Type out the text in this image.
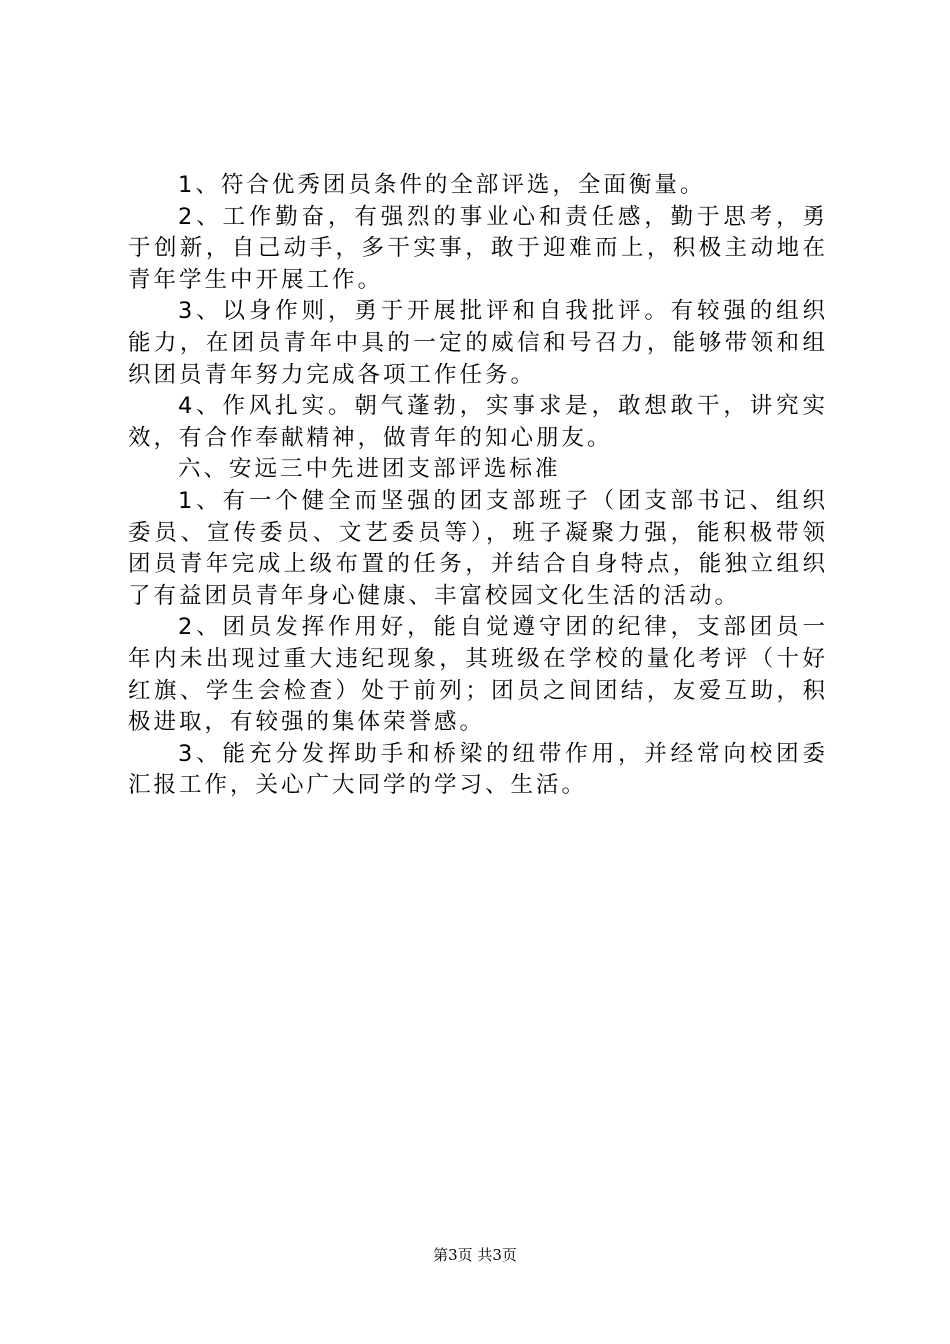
1、符合优秀团员条件的全部评选，全面衡量。

2、工作勤奋，有强烈的事业心和责任感，勤于思考，勇于创新，自己动手，多干实事，敢于迎难而上，积极主动地在青年学生中开展工作。

3、以身作则，勇于开展批评和自我批评。有较强的组织能力，在团员青年中具的一定的威信和号召力，能够带领和组织团员青年努力完成各项工作任务。

4、作风扎实。朝气蓬勃，实事求是，敢想敢干，讲究实效，有合作奉献精神，做青年的知心朋友。

六、安远三中先进团支部评选标准

1、有一个健全而坚强的团支部班子（团支部书记、组织委员、宣传委员、文艺委员等），班子凝聚力强，能积极带领团员青年完成上级布置的任务，并结合自身特点，能独立组织了有益团员青年身心健康、丰富校园文化生活的活动。

2、团员发挥作用好，能自觉遵守团的纪律，支部团员一年内未出现过重大违纪现象，其班级在学校的量化考评（十好红旗、学生会检查）处于前列；团员之间团结，友爱互助，积极进取，有较强的集体荣誉感。

3、能充分发挥助手和桥梁的纽带作用，并经常向校团委汇报工作，关心广大同学的学习、生活。

第3页 共3页
